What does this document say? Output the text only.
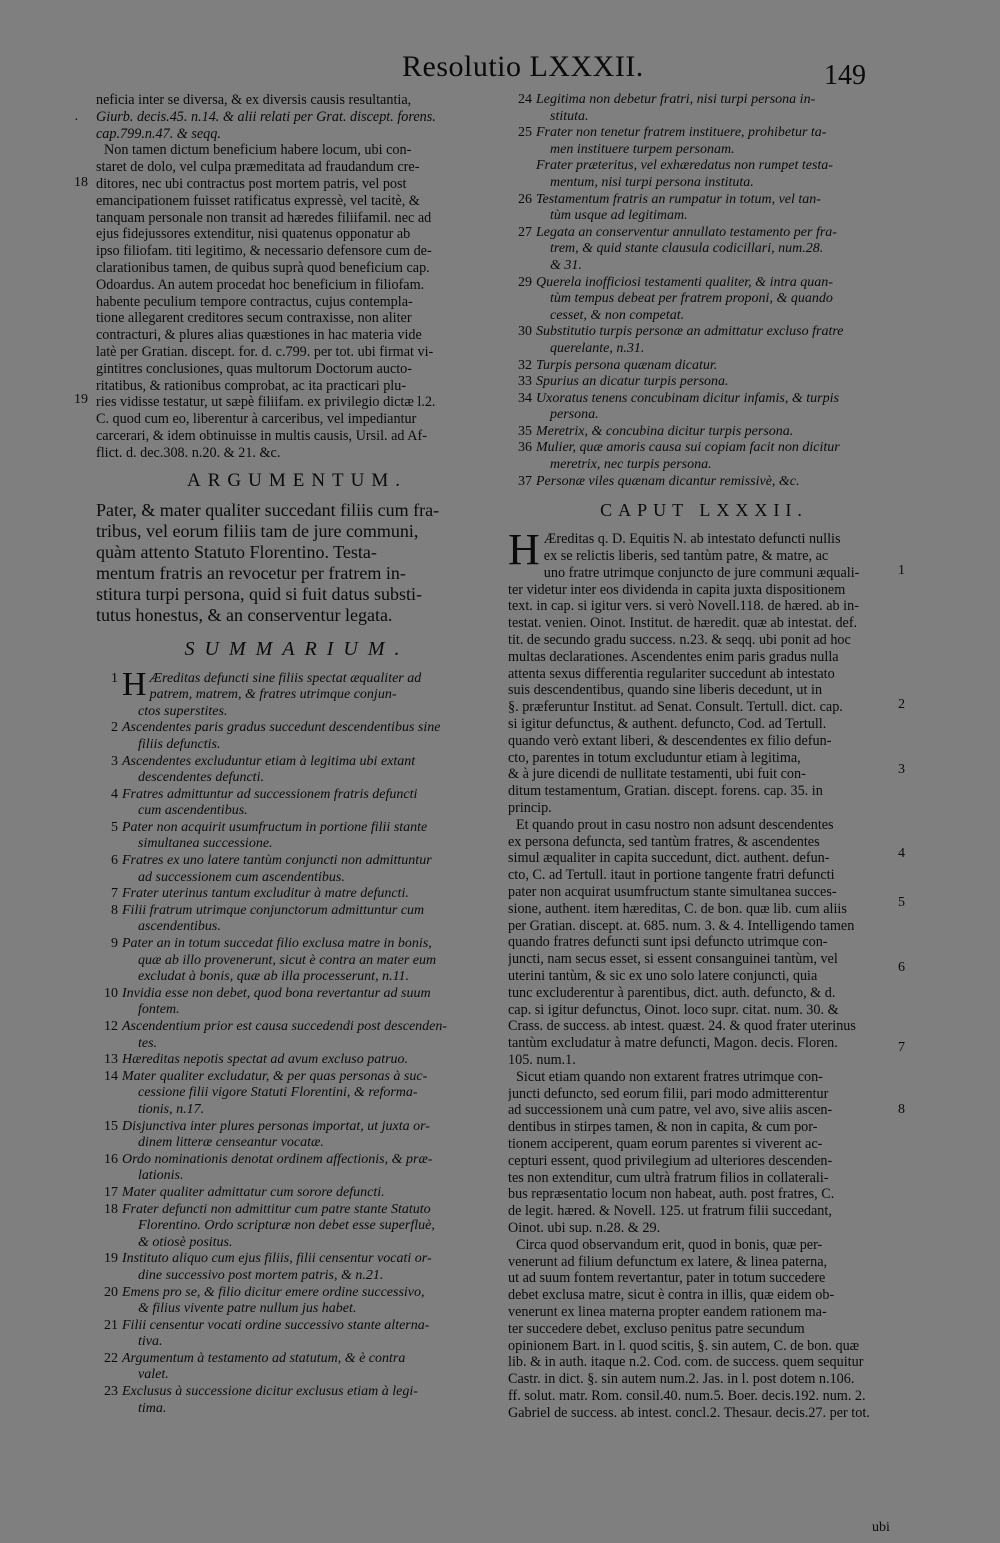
Resolutio LXXXII.	149
18
19
·
neficia inter se diversa, & ex diversis causis resultantia,
Giurb. decis.45. n.14. & alii relati per Grat. discept. forens.
cap.799.n.47. & seqq.
Non tamen dictum beneficium habere locum, ubi con-
staret de dolo, vel culpa præmeditata ad fraudandum cre-
ditores, nec ubi contractus post mortem patris, vel post
emancipationem fuisset ratificatus expressè, vel tacitè, &
tanquam personale non transit ad hæredes filiifamil. nec ad
ejus fidejussores extenditur, nisi quatenus opponatur ab
ipso filiofam. titi legitimo, & necessario defensore cum de-
clarationibus tamen, de quibus suprà quod beneficium cap.
Odoardus. An autem procedat hoc beneficium in filiofam.
habente peculium tempore contractus, cujus contempla-
tione allegarent creditores secum contraxisse, non aliter
contracturi, & plures alias quæstiones in hac materia vide
latè per Gratian. discept. for. d. c.799. per tot. ubi firmat vi-
gintitres conclusiones, quas multorum Doctorum aucto-
ritatibus, & rationibus comprobat, ac ita practicari plu-
ries vidisse testatur, ut sæpè filiifam. ex privilegio dictæ l.2.
C. quod cum eo, liberentur à carceribus, vel impediantur
carcerari, & idem obtinuisse in multis causis, Ursil. ad Af-
flict. d. dec.308. n.20. & 21. &c.
ARGUMENTUM.
Pater, & mater qualiter succedant filiis cum fra-
tribus, vel eorum filiis tam de jure communi,
quàm attento Statuto Florentino. Testa-
mentum fratris an revocetur per fratrem in-
stitura turpi persona, quid si fuit datus substi-
tutus honestus, & an conserventur legata.
SUMMARIUM.
1 H Æreditas defuncti sine filiis spectat æqualiter ad
patrem, matrem, & fratres utrimque conjun-
ctos superstites.
2 Ascendentes paris gradus succedunt descendentibus sine
filiis defunctis.
3 Ascendentes excluduntur etiam à legitima ubi extant
descendentes defuncti.
4 Fratres admittuntur ad successionem fratris defuncti
cum ascendentibus.
5 Pater non acquirit usumfructum in portione filii stante
simultanea successione.
6 Fratres ex uno latere tantùm conjuncti non admittuntur
ad successionem cum ascendentibus.
7 Frater uterinus tantum excluditur à matre defuncti.
8 Filii fratrum utrimque conjunctorum admittuntur cum
ascendentibus.
9 Pater an in totum succedat filio exclusa matre in bonis,
quæ ab illo provenerunt, sicut è contra an mater eum
excludat à bonis, quæ ab illa processerunt, n.11.
10 Invidia esse non debet, quod bona revertantur ad suum
fontem.
12 Ascendentium prior est causa succedendi post descenden-
tes.
13 Hæreditas nepotis spectat ad avum excluso patruo.
14 Mater qualiter excludatur, & per quas personas à suc-
cessione filii vigore Statuti Florentini, & reforma-
tionis, n.17.
15 Disjunctiva inter plures personas importat, ut juxta or-
dinem litteræ censeantur vocatæ.
16 Ordo nominationis denotat ordinem affectionis, & præ-
lationis.
17 Mater qualiter admittatur cum sorore defuncti.
18 Frater defuncti non admittitur cum patre stante Statuto
Florentino. Ordo scripturæ non debet esse superfluè,
& otiosè positus.
19 Instituto aliquo cum ejus filiis, filii censentur vocati or-
dine successivo post mortem patris, & n.21.
20 Emens pro se, & filio dicitur emere ordine successivo,
& filius vivente patre nullum jus habet.
21 Filii censentur vocati ordine successivo stante alterna-
tiva.
22 Argumentum à testamento ad statutum, & è contra
valet.
23 Exclusus à successione dicitur exclusus etiam à legi-
tima.
24 Legitima non debetur fratri, nisi turpi persona in-
stituta.
25 Frater non tenetur fratrem instituere, prohibetur ta-
men instituere turpem personam.
Frater præteritus, vel exhæredatus non rumpet testa-
mentum, nisi turpi persona instituta.
26 Testamentum fratris an rumpatur in totum, vel tan-
tùm usque ad legitimam.
27 Legata an conserventur annullato testamento per fra-
trem, & quid stante clausula codicillari, num.28.
& 31.
29 Querela inofficiosi testamenti qualiter, & intra quan-
tùm tempus debeat per fratrem proponi, & quando
cesset, & non competat.
30 Substitutio turpis personæ an admittatur excluso fratre
querelante, n.31.
32 Turpis persona quænam dicatur.
33 Spurius an dicatur turpis persona.
34 Uxoratus tenens concubinam dicitur infamis, & turpis
persona.
35 Meretrix, & concubina dicitur turpis persona.
36 Mulier, quæ amoris causa sui copiam facit non dicitur
meretrix, nec turpis persona.
37 Personæ viles quænam dicantur remissivè, &c.
CAPUT LXXXII.
H Æreditas q. D. Equitis N. ab intestato defuncti nullis
ex se relictis liberis, sed tantùm patre, & matre, ac
uno fratre utrimque conjuncto de jure communi æquali-
ter videtur inter eos dividenda in capita juxta dispositionem
text. in cap. si igitur vers. si verò Novell.118. de hæred. ab in-
testat. venien. Oinot. Institut. de hæredit. quæ ab intestat. def.
tit. de secundo gradu success. n.23. & seqq. ubi ponit ad hoc
multas declarationes. Ascendentes enim paris gradus nulla
attenta sexus differentia regulariter succedunt ab intestato
suis descendentibus, quando sine liberis decedunt, ut in
§. præferuntur Institut. ad Senat. Consult. Tertull. dict. cap.
si igitur defunctus, & authent. defuncto, Cod. ad Tertull.
quando verò extant liberi, & descendentes ex filio defun-
cto, parentes in totum excluduntur etiam à legitima,
& à jure dicendi de nullitate testamenti, ubi fuit con-
ditum testamentum, Gratian. discept. forens. cap. 35. in
princip.
Et quando prout in casu nostro non adsunt descendentes
ex persona defuncta, sed tantùm fratres, & ascendentes
simul æqualiter in capita succedunt, dict. authent. defun-
cto, C. ad Tertull. itaut in portione tangente fratri defuncti
pater non acquirat usumfructum stante simultanea succes-
sione, authent. item hæreditas, C. de bon. quæ lib. cum aliis
per Gratian. discept. at. 685. num. 3. & 4. Intelligendo tamen
quando fratres defuncti sunt ipsi defuncto utrimque con-
juncti, nam secus esset, si essent consanguinei tantùm, vel
uterini tantùm, & sic ex uno solo latere conjuncti, quia
tunc excluderentur à parentibus, dict. auth. defuncto, & d.
cap. si igitur defunctus, Oinot. loco supr. citat. num. 30. &
Crass. de success. ab intest. quæst. 24. & quod frater uterinus
tantùm excludatur à matre defuncti, Magon. decis. Floren.
105. num.1.
Sicut etiam quando non extarent fratres utrimque con-
juncti defuncto, sed eorum filii, pari modo admitterentur
ad successionem unà cum patre, vel avo, sive aliis ascen-
dentibus in stirpes tamen, & non in capita, & cum por-
tionem acciperent, quam eorum parentes si viverent ac-
cepturi essent, quod privilegium ad ulteriores descenden-
tes non extenditur, cum ultrà fratrum filios in collaterali-
bus repræsentatio locum non habeat, auth. post fratres, C.
de legit. hæred. & Novell. 125. ut fratrum filii succedant,
Oinot. ubi sup. n.28. & 29.
Circa quod observandum erit, quod in bonis, quæ per-
venerunt ad filium defunctum ex latere, & linea paterna,
ut ad suum fontem revertantur, pater in totum succedere
debet exclusa matre, sicut è contra in illis, quæ eidem ob-
venerunt ex linea materna propter eandem rationem ma-
ter succedere debet, excluso penitus patre secundum
opinionem Bart. in l. quod scitis, §. sin autem, C. de bon. quæ
lib. & in auth. itaque n.2. Cod. com. de success. quem sequitur
Castr. in dict. §. sin autem num.2. Jas. in l. post dotem n.106.
ff. solut. matr. Rom. consil.40. num.5. Boer. decis.192. num. 2.
Gabriel de success. ab intest. concl.2. Thesaur. decis.27. per tot.
1
2
3
4
5
6
7
8
ubi
